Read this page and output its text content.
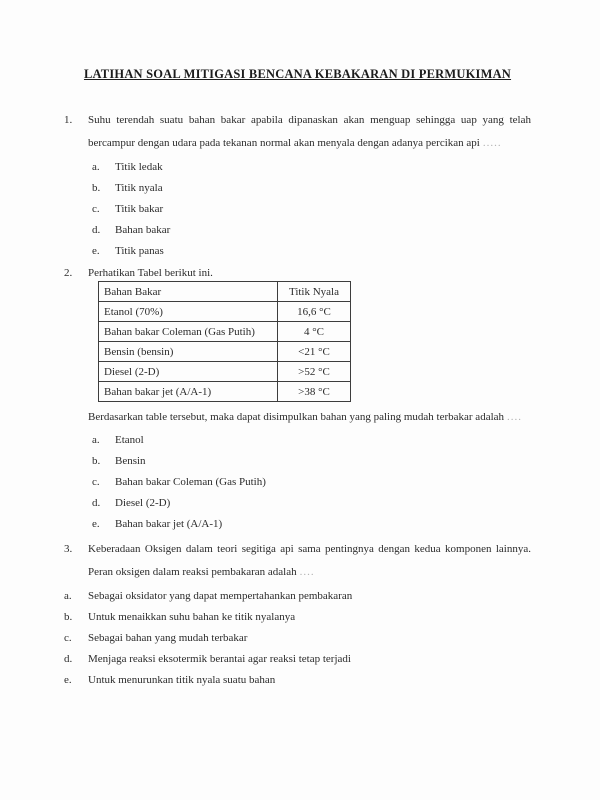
LATIHAN SOAL MITIGASI BENCANA KEBAKARAN DI PERMUKIMAN
1.	Suhu terendah suatu bahan bakar apabila dipanaskan akan menguap sehingga uap yang telah bercampur dengan udara pada tekanan normal akan menyala dengan adanya percikan api .....

a.	Titik ledak
b.	Titik nyala
c.	Titik bakar
d.	Bahan bakar
e.	Titik panas
2.	Perhatikan Tabel berikut ini.

Bahan Bakar	Titik Nyala
Etanol (70%)	16,6 °C
Bahan bakar Coleman (Gas Putih)	4 °C
Bensin (bensin)	<21 °C
Diesel (2-D)	>52 °C
Bahan bakar jet (A/A-1)	>38 °C

Berdasarkan table tersebut, maka dapat disimpulkan bahan yang paling mudah terbakar adalah ....

a.	Etanol
b.	Bensin
c.	Bahan bakar Coleman (Gas Putih)
d.	Diesel (2-D)
e.	Bahan bakar jet (A/A-1)
3.	Keberadaan Oksigen dalam teori segitiga api sama pentingnya dengan kedua komponen lainnya. Peran oksigen dalam reaksi pembakaran adalah ....

a.	Sebagai oksidator yang dapat mempertahankan pembakaran
b.	Untuk menaikkan suhu bahan ke titik nyalanya
c.	Sebagai bahan yang mudah terbakar
d.	Menjaga reaksi eksotermik berantai agar reaksi tetap terjadi
e.	Untuk menurunkan titik nyala suatu bahan
